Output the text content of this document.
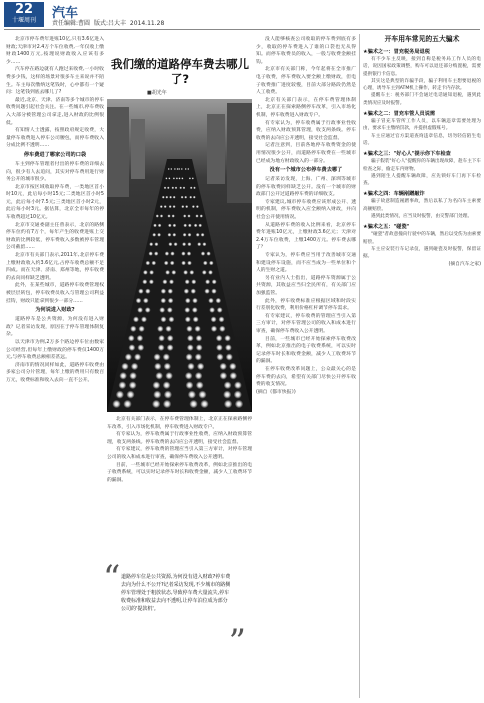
22
十堰周刊	汽车
责任编辑:曹圆 版式:吕大丰 2014.11.28

北京市停车费年进账10亿,只有3.6亿进入财政;天津市对2.4万个车位收费,一年仅收上缴财政1400万元,按理说财政收入应该有多少……

汽车停在路边就有人跑过来收费,一小时收费多少钱，这样的场景对很多车主来说并不陌生。车主每次缴纳这笔钱时，心中都有一个疑问：这笔钱到底去哪儿了?

最近,北京、天津、济南等多个城市的停车收费问题引起社会关注。在一些城市,停车费收入大部分被管理公司拿走,进入财政的比例很低。

有知情人士透露，按照政府规定收费，大量停车收费进入停车公司腰包，而停车费收入分成比例不透明……

停车费进了哪家公司的口袋

车主到停车管理者付出的停车费的详细去向，很少有人去追问，其实对停车费用进行财务公开的城市很少。

北京市按区域收取停车费，一类地区首小时10元，此后每小时15元;二类地区首小时5元，此后每小时7.5元;三类地区首小时2元，此后每小时3元。据估算，北京全市每年的停车收费超过10亿元。

北京市交通委副主任曾表示，北京的路侧停车位约有7万个，每年产生的收费进账上交财政的比例较低，停车费收入多数被停车管理公司截留……

北京市有关部门表示,2011年,北京停车费上缴财政收入约3.6亿元,占停车收费总额不足四成。而在天津、济南、郑州等地，停车收费的去向同样缺乏透明。

此外，在某些城市，道路停车收费管理权被层层转包，停车收费员收入与管理公司利益挂钩，财政只能拿到很少一部分……

为何说进入财政?

道路停车是公共资源，为何没有进入财政？记者采访发现，原因在于停车管理体制复杂。

以天津市为例,2万多个路边停车位由数家公司经营,但每年上缴财政的停车费仅1400万元,与停车收费总额相差甚远。

济南市的情况同样如此，道路停车收费由多家公司分片管理，每年上缴的费用只有数百万元，收费标准和收入去向一直不公开。

我们缴的道路停车费去哪儿了?
■胡光年

没人能够核查公司收取的停车费到底有多少，收取的停车费进入了谁的口袋也无从得知。而停车收费员的收入，一般与收费金额挂钩。

北京市有关部门称，今年起将在全市推广电子收费，停车费收入要全额上缴财政，但电子收费推广进度较慢，目前大部分路段仍然是人工收费。

北京有关部门表示，在停车费管理体制上，北京正在探索路侧停车改革，引入市场化机制，停车收费进入财政专户。

有专家认为，停车收费属于行政事业性收费，应纳入财政预算管理，收支两条线。停车收费的去向应公开透明，接受社会监督。

记者注意到，目前各地停车收费资金的使用情况很少公开，而道路停车收费在一些城市已经成为地方财政收入的一部分。

没有一个城市公布停车费去哪了

记者采访发现，上海、广州、深圳等城市的停车收费同样缺乏公开。没有一个城市的财政部门公开过道路停车费的详细收支。

专家建议,城市停车收费应该形成公开、透明的机制，停车费收入应全额纳入财政，并向社会公开使用情况。

从道路停车费的收入比例来看，北京停车费年进账10亿元，上缴财政3.6亿元；天津对2.4万车位收费，上缴1400万元。停车费去哪了？

专家认为，停车费应当用于改善城市交通和建设停车设施，而不应当成为一些单位和个人的生财之道。

另有业内人士指出，道路停车资源属于公共资源，其收益应当归全民所有，有关部门应加强监管。

此外，停车收费标准应根据区域和时段实行差别化收费，利用价格杠杆调节停车需求。

有专家建议，停车收费的管理应当引入第三方审计，对停车管理公司的收入和成本进行审查，确保停车费收入公开透明。

目前，一些城市已经开始探索停车收费改革，例如北京推出的电子收费系统，可以实时记录停车时长和收费金额，减少人工收费环节的漏洞。

在停车收费改革问题上，公众最关心的是停车费的去向，希望有关部门尽快公开停车收费的收支情况。

(摘自《都市快报》)

北京有关部门表示，在停车费管理体制上，北京正在探索路侧停车改革，引入市场化机制，停车收费进入财政专户。

有专家认为，停车收费属于行政事业性收费，应纳入财政预算管理，收支两条线。停车收费的去向应公开透明，接受社会监督。

有专家建议，停车收费的管理应当引入第三方审计，对停车管理公司的收入和成本进行审查，确保停车费收入公开透明。

目前，一些城市已经开始探索停车收费改革，例如北京推出的电子收费系统，可以实时记录停车时长和收费金额，减少人工收费环节的漏洞。

“ 道路停车位是公共资源,为何没有进入财政?停车费去向为什么不公开?记者采访发现,不少城市的路侧停车管理处于粗放状态,导致停车费大量流失,停车收费标准和收益去向不透明,让停车泊位成为部分公司的'提款机'。
”
开车用车常见的五大骗术
★骗术之一：冒充税务局退税

有不少车主反映，接到自称是税务局工作人员的电话，说因国家政策调整，购车可以退还部分购置税，需要提供银行卡信息。

其实这是典型的诈骗手段，骗子利用车主想要退税的心理，诱导车主到ATM机上操作，转走卡内存款。

提醒车主：税务部门不会通过电话通知退税，遇到此类情况应及时报警。

★骗术之二：冒充车管人员说需

骗子冒充车管所工作人员，以车辆违章需要处理为由，要求车主缴纳罚款，并提供虚假账号。

车主应通过官方渠道查询违章信息，切勿轻信陌生电话。

★骗术之三："好心人"提示你下车检查

骗子假装"好心人"提醒你的车辆出现故障，趁车主下车检查之际，偷走车内财物。

遇到陌生人提醒车辆故障，应先锁好车门再下车检查。

★骗术之四：车辆剐蹭敲诈

骗子故意制造剐蹭事故，然后以私了为名向车主索要高额赔偿。

遇到此类情况，应当及时报警，由交警部门处理。

★骗术之五："碰瓷"

"碰瓷"者故意撞向行驶中的车辆，然后以受伤为由索要赔偿。

车主应安装行车记录仪，遇到碰瓷及时报警，保留证据。

(摘自汽车之家)
